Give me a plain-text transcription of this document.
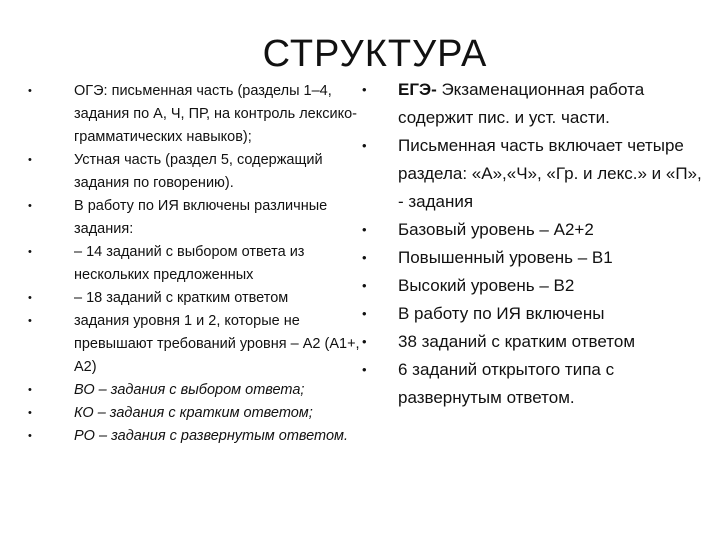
СТРУКТУРА
•	ОГЭ: письменная часть (разделы 1–4, задания по А, Ч, ПР, на контроль лексико-грамматических навыков);
•	Устная часть (раздел 5, содержащий задания по говорению).
•	В работу по ИЯ включены различные задания:
•	– 14 заданий с выбором ответа из нескольких предложенных
•	– 18 заданий с кратким ответом
•	задания уровня 1 и 2, которые не превышают требований уровня – А2 (А1+, А2)
•	ВО – задания с выбором ответа;
•	КО – задания с кратким ответом;
•	РО – задания с развернутым ответом.
• ЕГЭ- Экзаменационная работа содержит пис. и уст. части.
• Письменная часть включает четыре раздела: «А»,«Ч», «Гр. и лекс.» и «П», - задания
• Базовый уровень – А2+2
• Повышенный уровень – В1
• Высокий уровень – В2
• В работу по ИЯ включены
• 38 заданий с кратким ответом
• 6 заданий открытого типа с развернутым ответом.
